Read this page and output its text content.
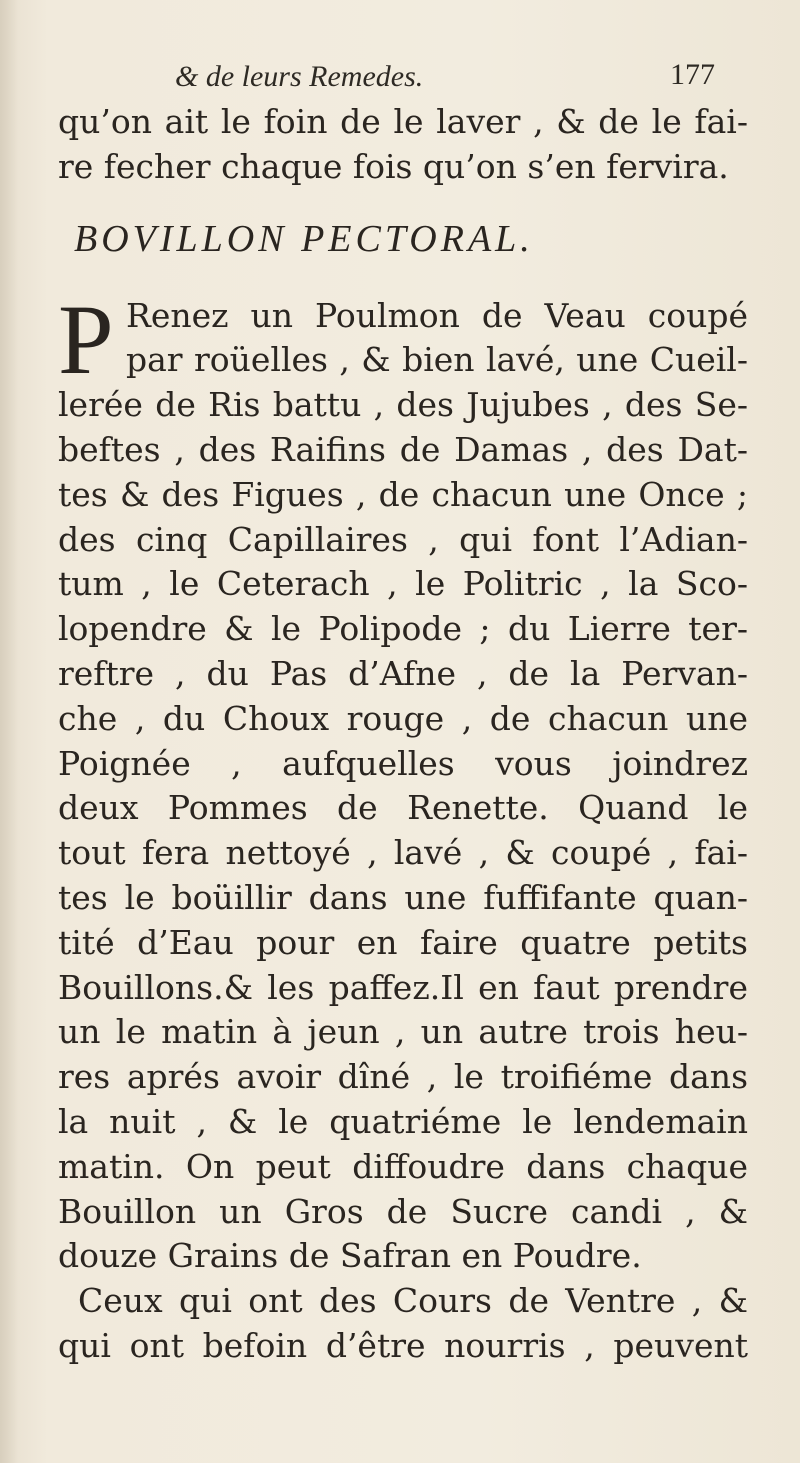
& de leurs Remedes.	177
qu’on ait le foin de le laver , & de le fai-
re fecher chaque fois qu’on s’en fervira.
BOVILLON PECTORAL.
P Renez un Poulmon de Veau coupé
par roüelles , & bien lavé, une Cueil-
lerée de Ris battu , des Jujubes , des Se-
beftes , des Raifins de Damas , des Dat-
tes & des Figues , de chacun une Once ;
des cinq Capillaires , qui font l’Adian-
tum , le Ceterach , le Politric , la Sco-
lopendre & le Polipode ; du Lierre ter-
reftre , du Pas d’Afne , de la Pervan-
che , du Choux rouge , de chacun une
Poignée , aufquelles vous joindrez
deux Pommes de Renette. Quand le
tout fera nettoyé , lavé , & coupé , fai-
tes le boüillir dans une fuffifante quan-
tité d’Eau pour en faire quatre petits
Bouillons.& les paffez.Il en faut prendre
un le matin à jeun , un autre trois heu-
res aprés avoir dîné , le troifiéme dans
la nuit , & le quatriéme le lendemain
matin. On peut diffoudre dans chaque
Bouillon un Gros de Sucre candi , &
douze Grains de Safran en Poudre.
Ceux qui ont des Cours de Ventre , &
qui ont befoin d’être nourris , peuvent
